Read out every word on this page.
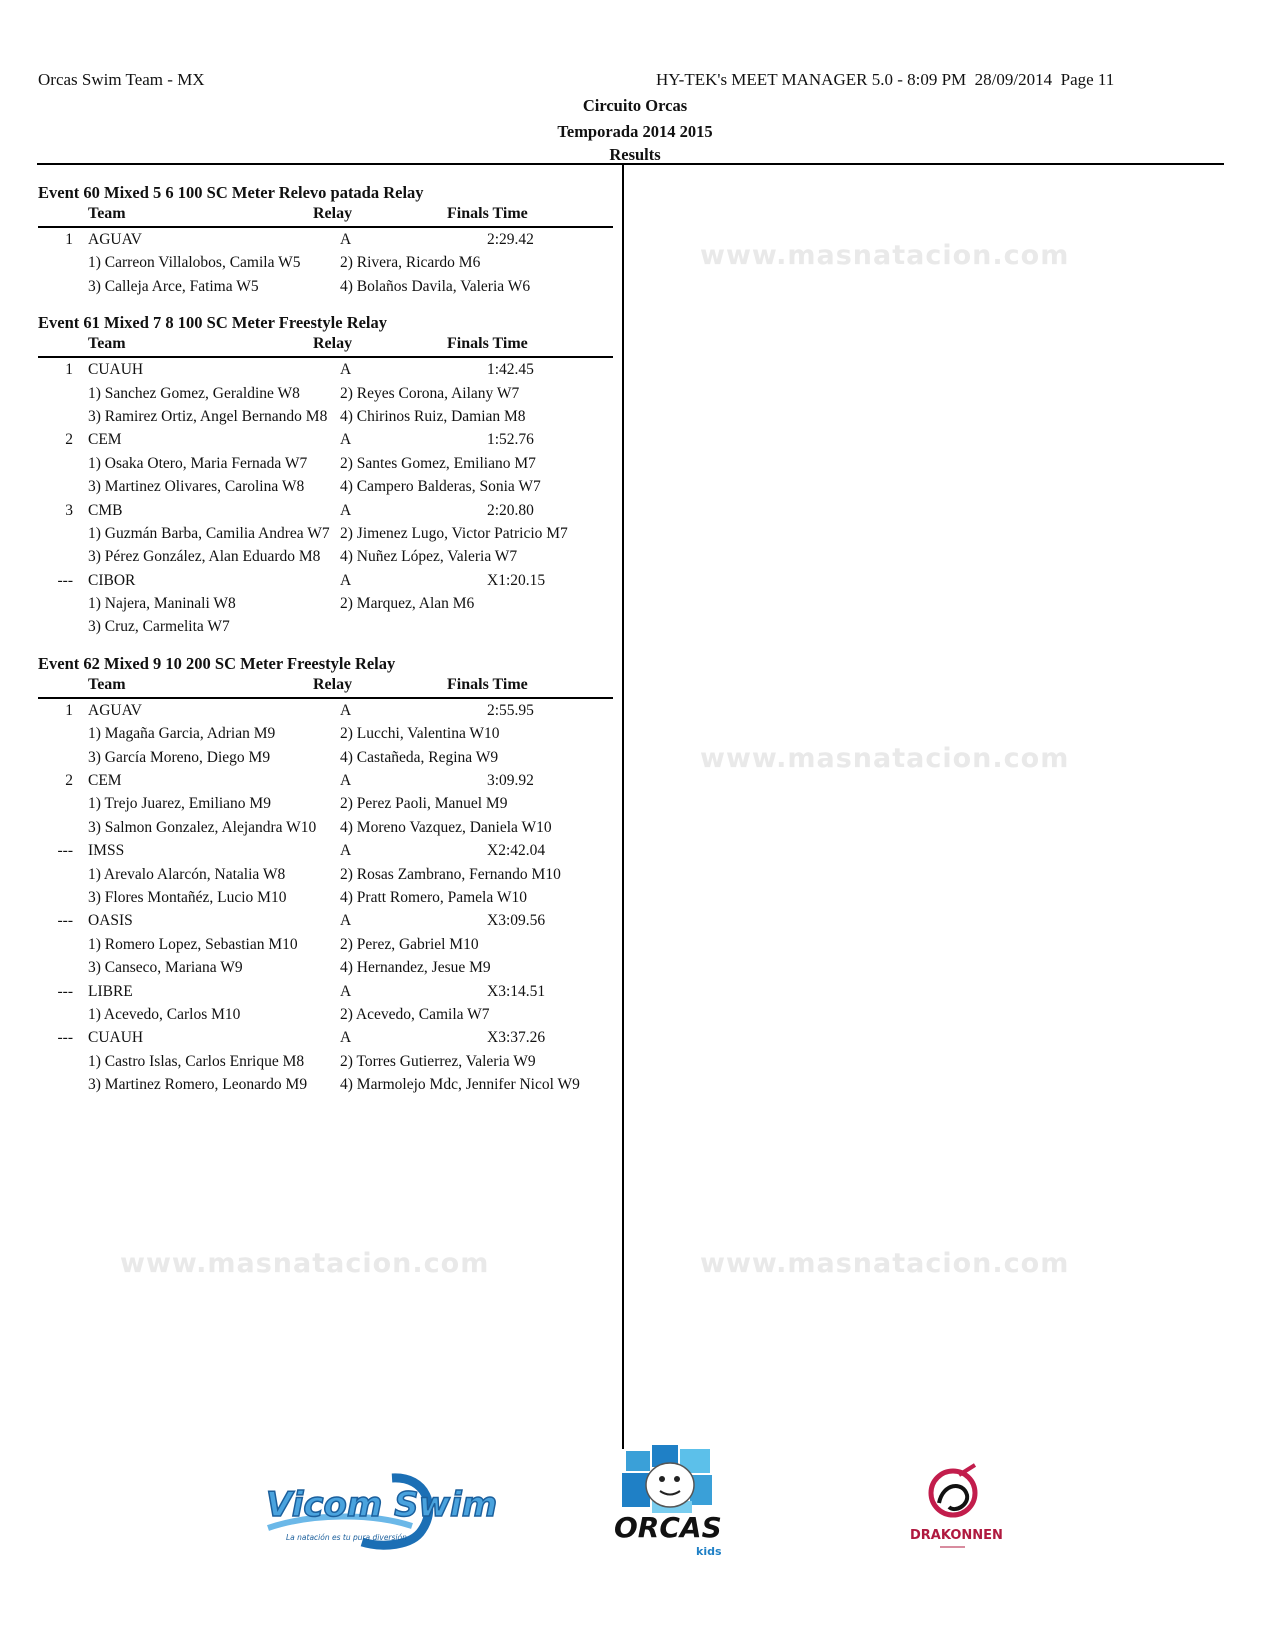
Orcas Swim Team - MX	HY-TEK's MEET MANAGER 5.0 - 8:09 PM  28/09/2014  Page 11
Circuito Orcas
Temporada 2014 2015
Results
www.masnatacion.com
www.masnatacion.com
www.masnatacion.com	www.masnatacion.com
Event 60 Mixed 5 6 100 SC Meter Relevo patada Relay
Team	Relay	Finals Time
1 AGUAV	A	2:29.42
1) Carreon Villalobos, Camila W5	2) Rivera, Ricardo M6
3) Calleja Arce, Fatima W5	4) Bolaños Davila, Valeria W6
Event 61 Mixed 7 8 100 SC Meter Freestyle Relay
Team	Relay	Finals Time
1 CUAUH	A	1:42.45
1) Sanchez Gomez, Geraldine W8	2) Reyes Corona, Ailany W7
3) Ramirez Ortiz, Angel Bernando M8 4) Chirinos Ruiz, Damian M8
2 CEM	A	1:52.76
1) Osaka Otero, Maria Fernada W7	2) Santes Gomez, Emiliano M7
3) Martinez Olivares, Carolina W8	4) Campero Balderas, Sonia W7
3 CMB	A	2:20.80
1) Guzmán Barba, Camilia Andrea W7 2) Jimenez Lugo, Victor Patricio M7
3) Pérez González, Alan Eduardo M8	4) Nuñez López, Valeria W7
--- CIBOR	A	X1:20.15
1) Najera, Maninali W8	2) Marquez, Alan M6
3) Cruz, Carmelita W7
Event 62 Mixed 9 10 200 SC Meter Freestyle Relay
Team	Relay	Finals Time
1 AGUAV	A	2:55.95
1) Magaña Garcia, Adrian M9	2) Lucchi, Valentina W10
3) García Moreno, Diego M9	4) Castañeda, Regina W9
2 CEM	A	3:09.92
1) Trejo Juarez, Emiliano M9	2) Perez Paoli, Manuel M9
3) Salmon Gonzalez, Alejandra W10	4) Moreno Vazquez, Daniela W10
--- IMSS	A	X2:42.04
1) Arevalo Alarcón, Natalia W8	2) Rosas Zambrano, Fernando M10
3) Flores Montañéz, Lucio M10	4) Pratt Romero, Pamela W10
--- OASIS	A	X3:09.56
1) Romero Lopez, Sebastian M10	2) Perez, Gabriel M10
3) Canseco, Mariana W9	4) Hernandez, Jesue M9
--- LIBRE	A	X3:14.51
1) Acevedo, Carlos M10	2) Acevedo, Camila W7
--- CUAUH	A	X3:37.26
1) Castro Islas, Carlos Enrique M8	2) Torres Gutierrez, Valeria W9
3) Martinez Romero, Leonardo M9	4) Marmolejo Mdc, Jennifer Nicol W9
Vicom Swim
La natación es tu pura diversión	ORCAS
kids
DRAKONNEN
